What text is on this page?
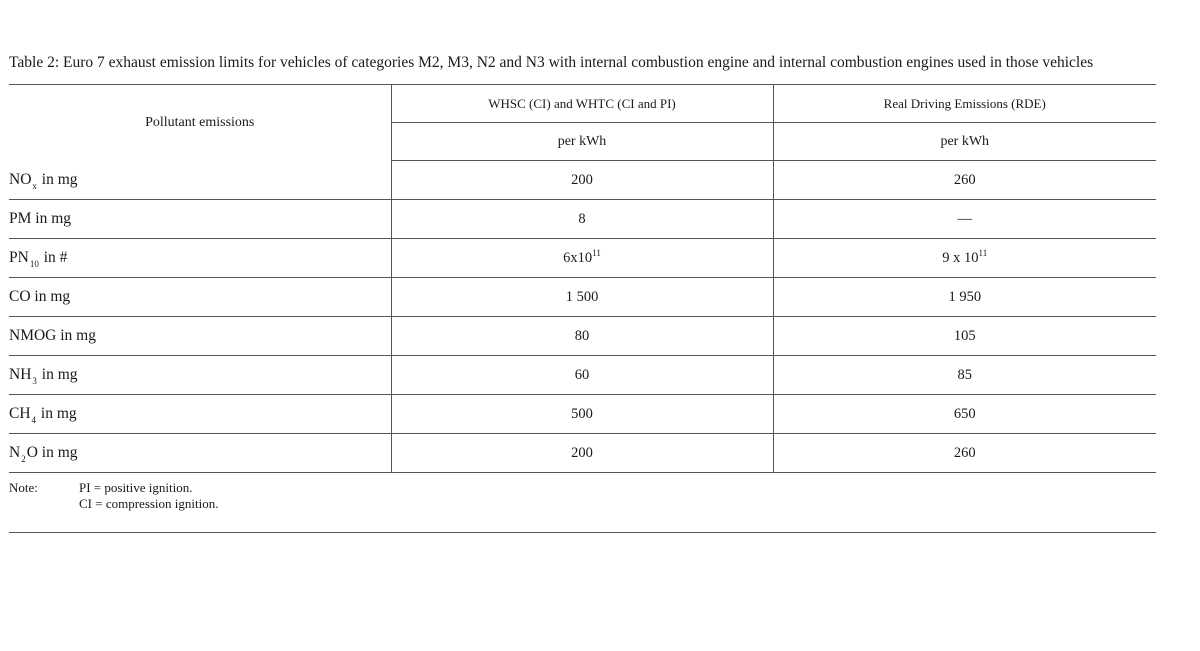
Table 2: Euro 7 exhaust emission limits for vehicles of categories M2, M3, N2 and N3 with internal combustion engine and internal combustion engines used in those vehicles
Pollutant emissions	WHSC (CI) and WHTC (CI and PI)	Real Driving Emissions (RDE)
	per kWh	per kWh
$NO_x$ in mg	200	260
PM in mg	8	—
$PN_{10}$ in #	$6x10^{11}$	9 x $10^{11}$
CO in mg	1 500	1 950
NMOG in mg	80	105
$NH_3$ in mg	60	85
$CH_4$ in mg	500	650
$N_2O$ in mg	200	260
Note:	PI = positive ignition.
CI = compression ignition.
